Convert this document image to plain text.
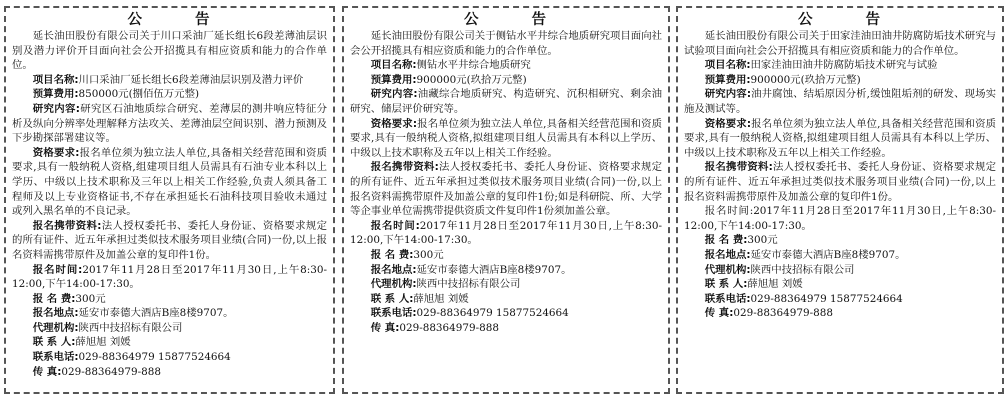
公 告

延长油田股份有限公司关于川口采油厂延长组长6段差薄油层识别及潜力评价开目面向社会公开招揽具有相应资质和能力的合作单位。

项目名称:川口采油厂延长组长6段差薄油层识别及潜力评价

预算费用:850000元(捌佰伍万元整)

研究内容:研究区石油地质综合研究、差薄层的测井响应特征分析及纵向分辨率处理解释方法攻关、差薄油层空间识别、潜力预测及下步勘探部署建议等。

资格要求:报名单位须为独立法人单位,具备相关经营范围和资质要求,具有一般纳税人资格,组建项目组人员需具有石油专业本科以上学历、中级以上技术职称及三年以上相关工作经验,负责人须具备工程师及以上专业资格证书,不存在承担延长石油科技项目验收未通过或列入黑名单的不良记录。

报名携带资料:法人授权委托书、委托人身份证、资格要求规定的所有证件、近五年承担过类似技术服务项目业绩(合同)一份,以上报名资料需携带原件及加盖公章的复印件1份。

报名时间:2017年11月28日至2017年11月30日,上午8:30-12:00,下午14:00-17:30。

报 名 费:300元

报名地点:延安市泰德大酒店B座8楼9707。

代理机构:陕西中技招标有限公司

联 系 人:薛旭旭 刘媛

联系电话:029-88364979 15877524664

传 真:029-88364979-888

公 告

延长油田股份有限公司关于侧钻水平井综合地质研究项目面向社会公开招揽具有相应资质和能力的合作单位。

项目名称:侧钻水平井综合地质研究

预算费用:900000元(玖拾万元整)

研究内容:油藏综合地质研究、构造研究、沉积相研究、剩余油研究、储层评价研究等。

资格要求:报名单位须为独立法人单位,具备相关经营范围和资质要求,具有一般纳税人资格,拟组建项目组人员需具有本科以上学历、中级以上技术职称及五年以上相关工作经验。

报名携带资料:法人授权委托书、委托人身份证、资格要求规定的所有证件、近五年承担过类似技术服务项目业绩(合同)一份,以上报名资料需携带原件及加盖公章的复印件1份;如是科研院、所、大学等企事业单位需携带提供资质文件复印件1份须加盖公章。

报名时间:2017年11月28日至2017年11月30日,上午8:30-12:00,下午14:00-17:30。

报 名 费:300元

报名地点:延安市泰德大酒店B座8楼9707。

代理机构:陕西中技招标有限公司

联 系 人:薛旭旭 刘媛

联系电话:029-88364979 15877524664

传 真:029-88364979-888

公 告

延长油田股份有限公司关于田家洼油田油井防腐防垢技术研究与试验项目面向社会公开招揽具有相应资质和能力的合作单位。

项目名称:田家洼油田油井防腐防垢技术研究与试验

预算费用:900000元(玖拾万元整)

研究内容:油井腐蚀、结垢原因分析,缓蚀阻垢剂的研发、现场实施及测试等。

资格要求:报名单位须为独立法人单位,具备相关经营范围和资质要求,具有一般纳税人资格,拟组建项目组人员需具有本科以上学历、中级以上技术职称及五年以上相关工作经验。

报名携带资料:法人授权委托书、委托人身份证、资格要求规定的所有证件、近五年承担过类似技术服务项目业绩(合同)一份,以上报名资料需携带原件及加盖公章的复印件1份。

报名时间:2017年11月28日至2017年11月30日,上午8:30-12:00,下午14:00-17:30。

报 名 费:300元

报名地点:延安市泰德大酒店B座8楼9707。

代理机构:陕西中技招标有限公司

联 系 人:薛旭旭 刘媛

联系电话:029-88364979 15877524664

传 真:029-88364979-888
